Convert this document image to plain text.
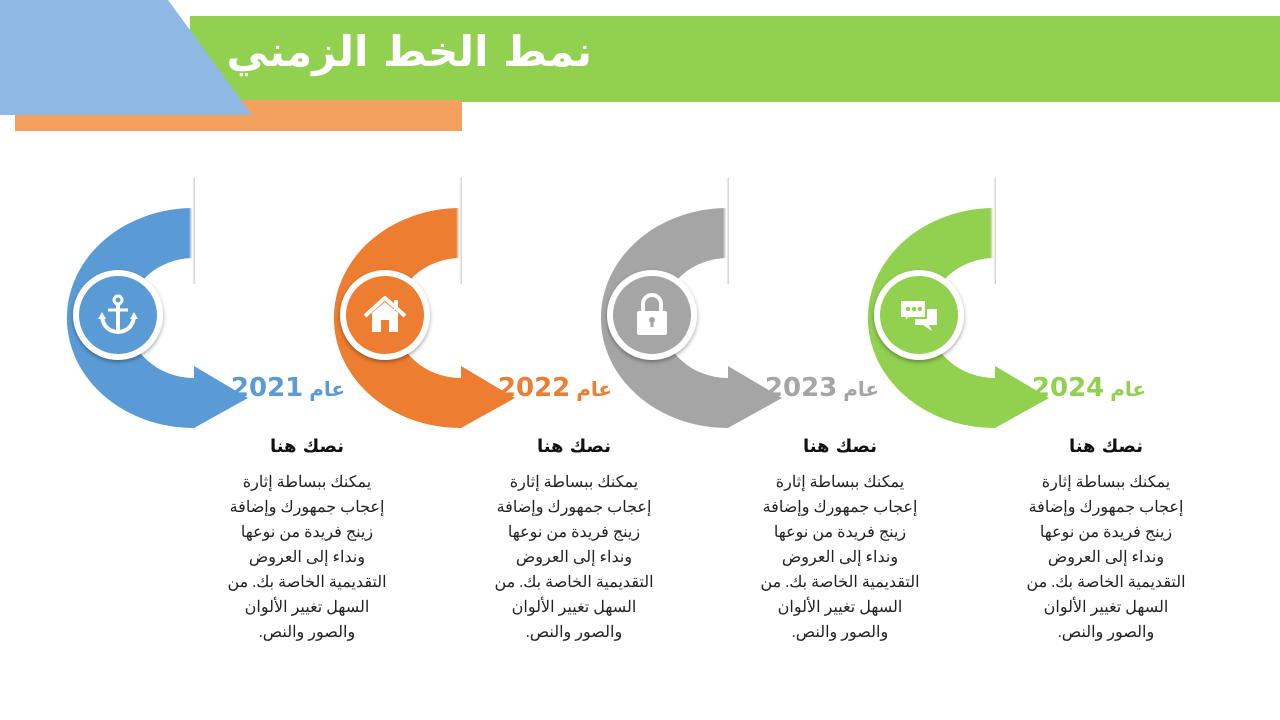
نمط الخط الزمني
عام2021	عام2022	عام2023	عام2024
نصك هنا	نصك هنا	نصك هنا	نصك هنا
يمكنك ببساطة إثارة
إعجاب جمهورك وإضافة
زينج فريدة من نوعها
ونداء إلى العروض
التقديمية الخاصة بك. من
السهل تغيير الألوان
والصور والنص.
يمكنك ببساطة إثارة
إعجاب جمهورك وإضافة
زينج فريدة من نوعها
ونداء إلى العروض
التقديمية الخاصة بك. من
السهل تغيير الألوان
والصور والنص.
يمكنك ببساطة إثارة
إعجاب جمهورك وإضافة
زينج فريدة من نوعها
ونداء إلى العروض
التقديمية الخاصة بك. من
السهل تغيير الألوان
والصور والنص.
يمكنك ببساطة إثارة
إعجاب جمهورك وإضافة
زينج فريدة من نوعها
ونداء إلى العروض
التقديمية الخاصة بك. من
السهل تغيير الألوان
والصور والنص.
